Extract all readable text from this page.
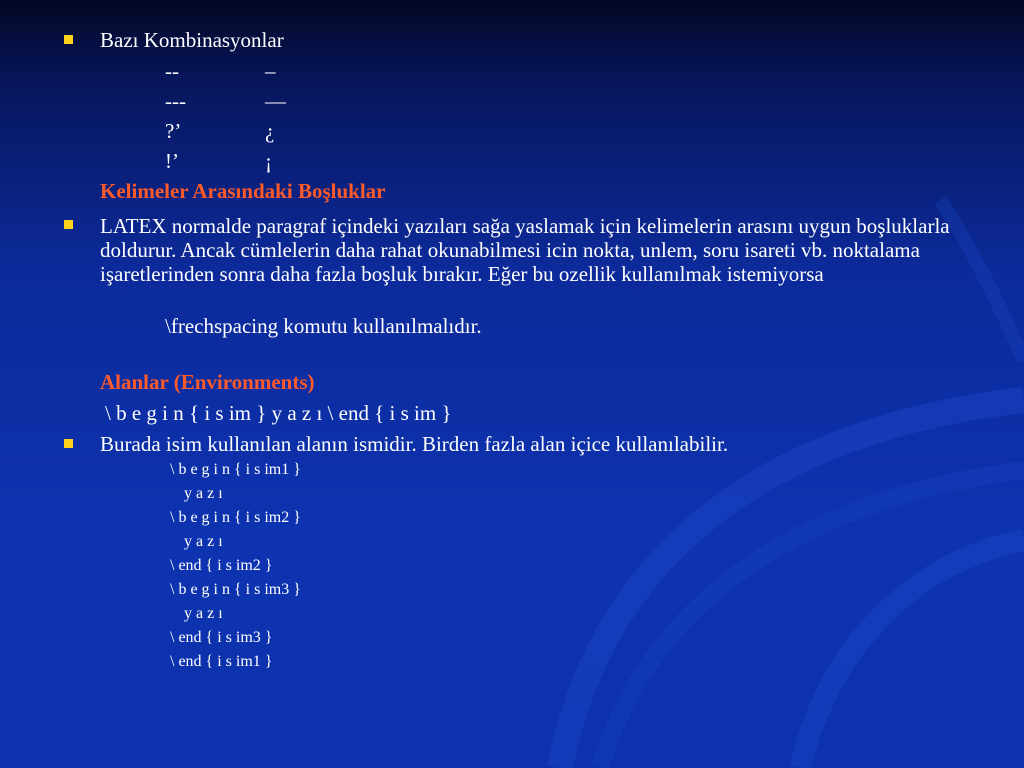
Bazı Kombinasyonlar
--	–
---	—
?’	¿
!’	¡
Kelimeler Arasındaki Boşluklar
LATEX normalde paragraf içindeki yazıları sağa yaslamak için kelimelerin arasını uygun boşluklarla doldurur. Ancak cümlelerin daha rahat okunabilmesi icin nokta, unlem, soru isareti vb. noktalama işaretlerinden sonra daha fazla boşluk bırakır. Eğer bu ozellik kullanılmak istemiyorsa
\frechspacing komutu kullanılmalıdır.
Alanlar (Environments)
\ b e g i n { i s im } y a z ı \ end { i s im }
Burada isim kullanılan alanın ismidir. Birden fazla alan içice kullanılabilir.
\ b e g i n { i s im1 }
y a z ı
\ b e g i n { i s im2 }
y a z ı
\ end { i s im2 }
\ b e g i n { i s im3 }
y a z ı
\ end { i s im3 }
\ end { i s im1 }
